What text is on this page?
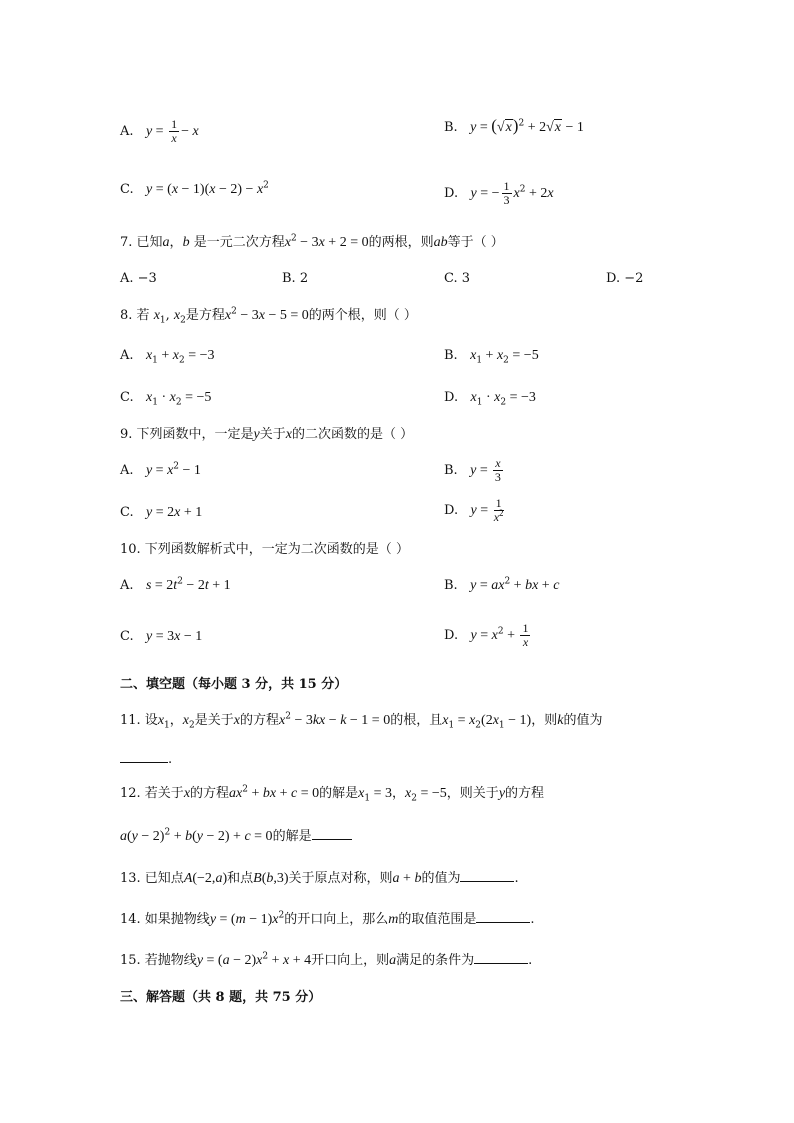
A. $y = \frac{1}{x} - x$	B. $y = (√x)^2 + 2√x - 1$
C. $y = (x - 1)(x - 2) - x^2$
D. y = − $\frac{1}{3} x^2 + 2x$
7. 已知a，b 是一元二次方程$x^2 - 3x + 2 = 0$的两根，则ab等于（ ）
A. −3	B. 2	C. 3	D. −2
8. 若 $x_1$, $x_2$是方程$x^2 - 3x - 5 = 0$的两个根，则（ ）
A. $x_1 + x_2 = -3$	B. $x_1 + x_2 = -5$
C. $x_1 \cdot x_2 = -5$	D. $x_1 \cdot x_2 = -3$
9. 下列函数中，一定是y关于x的二次函数的是（ ）
A. $y = x^2 - 1$	B. $y = \frac{x}{3}$
C. y = 2x + 1	D. $y = \frac{1}{x^2}$
10. 下列函数解析式中，一定为二次函数的是（ ）
A. $s = 2t^2 - 2t + 1$	B. $y = ax^2$ + bx + c
C. y = 3x − 1	D. $y = x^2 + \frac{1}{x}$
二、填空题（每小题 3 分，共 15 分）
11. 设$x_1$，$x_2$是关于x的方程$x^2 - 3kx - k - 1 = 0$的根，且$x_1 = x_2(2x_1 - 1)$，则k的值为
.
12. 若关于x的方程$ax^2$ + bx + c = 0的解是$x_1 = 3$，$x_2 = -5$，则关于y的方程
$a(y - 2)^2 + b(y - 2) + c = 0$的解是
13. 已知点A(−2,a)和点B(b,3)关于原点对称，则a + b的值为	.
14. 如果抛物线$y = (m - 1)x^2$的开口向上，那么m的取值范围是	.
15. 若抛物线$y = (a - 2)x^2 + x + 4$开口向上，则a满足的条件为	.
三、解答题（共 8 题，共 75 分）
